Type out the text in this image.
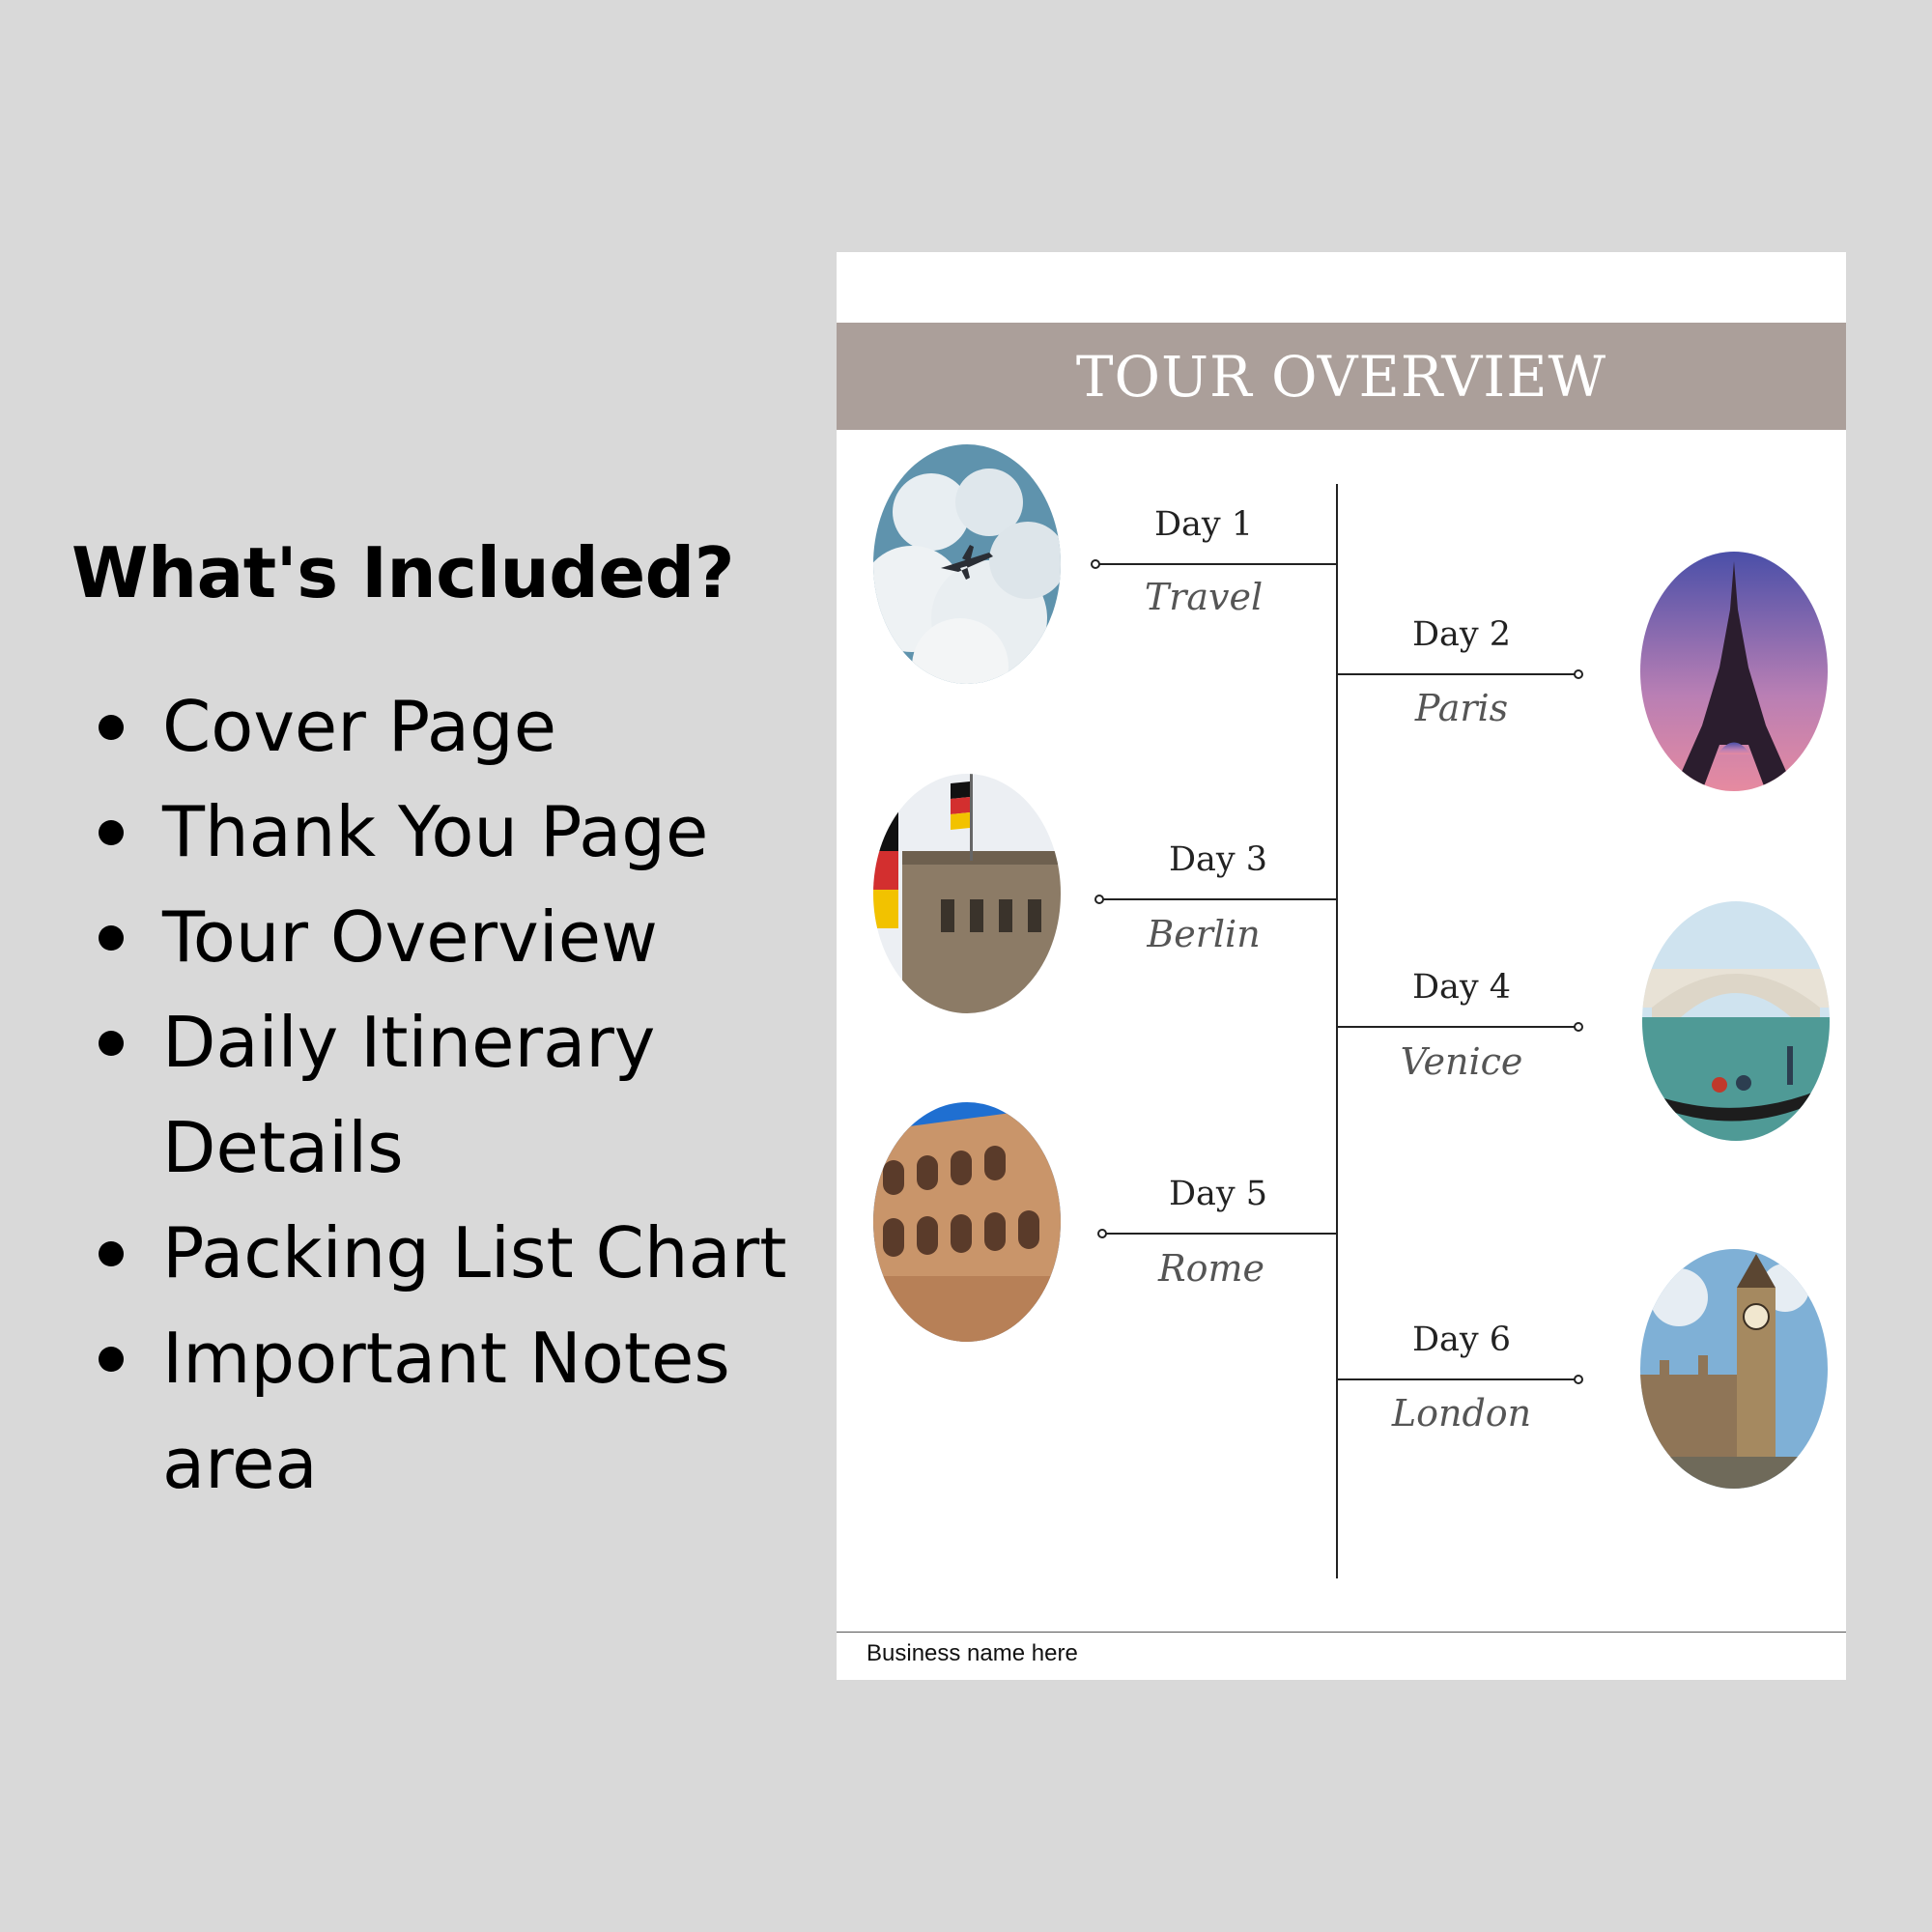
What's Included?
Cover Page
Thank You Page
Tour Overview
Daily Itinerary Details
Packing List Chart
Important Notes area
TOUR OVERVIEW
Day 1
Travel
Day 2
Paris
Day 3
Berlin
Day 4
Venice
Day 5
Rome
Day 6
London
Business name here
